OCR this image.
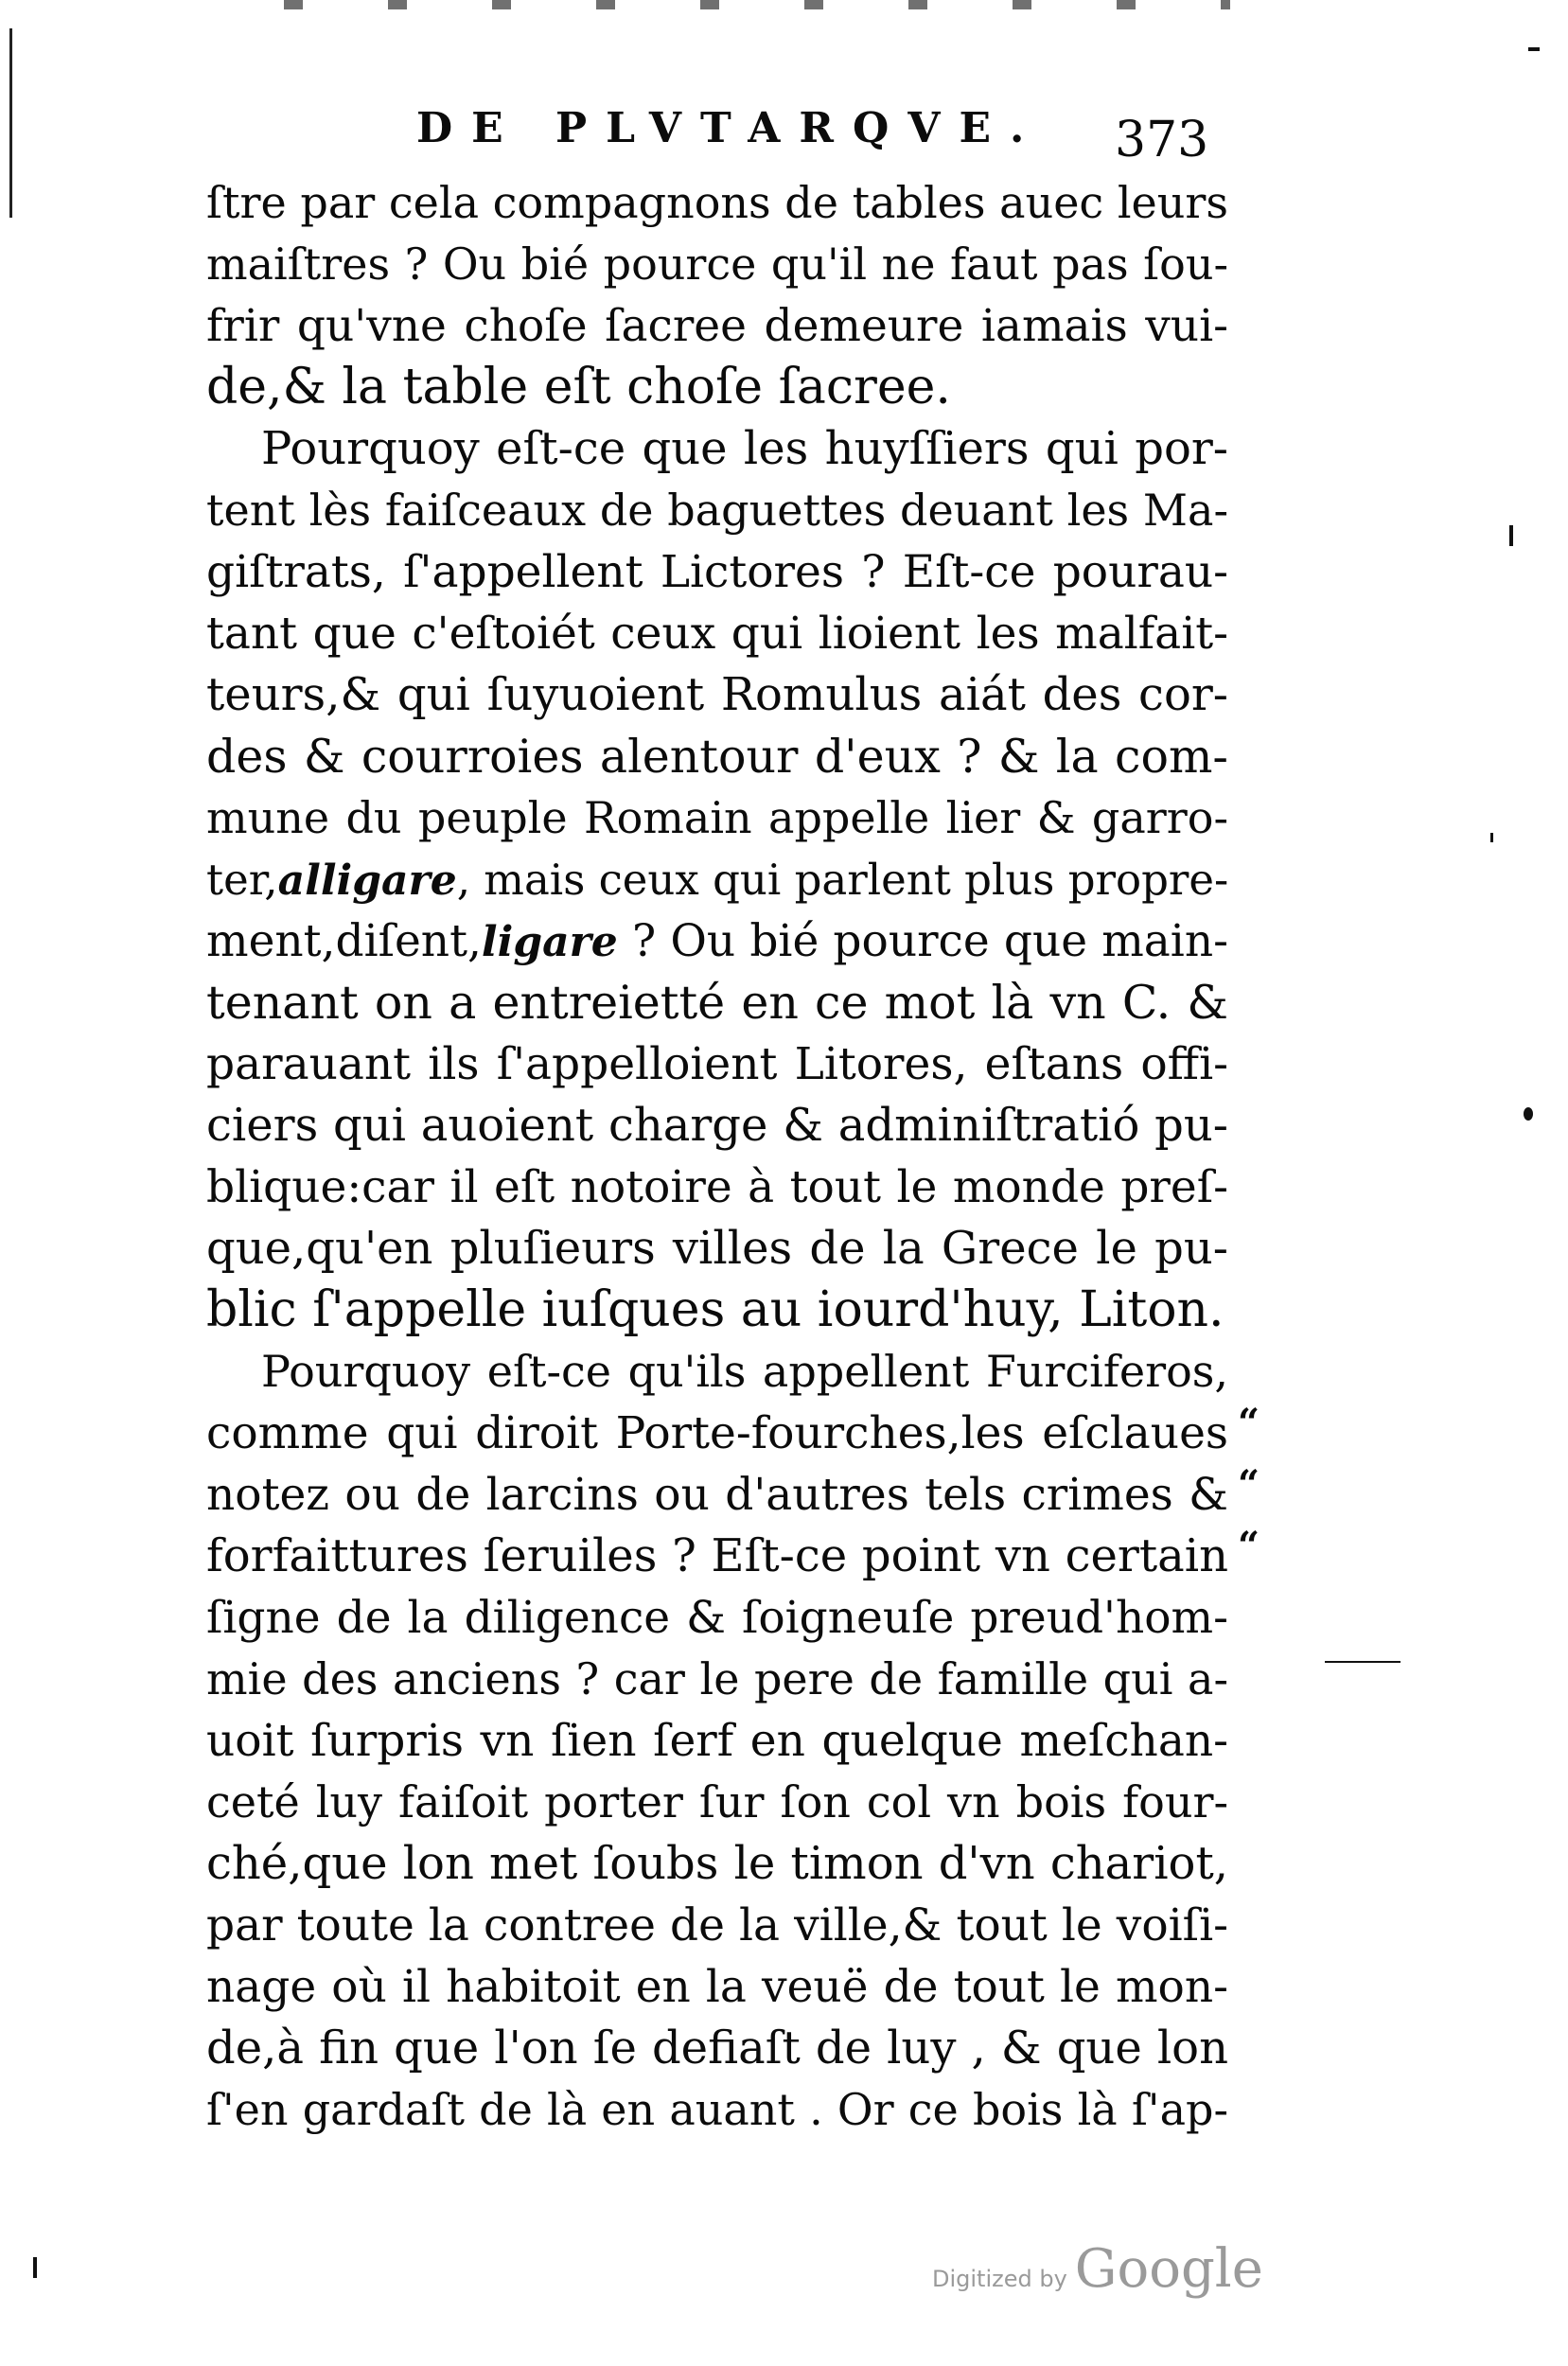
DE PLVTARQVE. 373
ſtre par cela compagnons de tables auec leurs
maiſtres ? Ou bié pource qu'il ne faut pas ſou-
frir qu'vne choſe ſacree demeure iamais vui-
de,& la table eſt choſe ſacree.
Pourquoy eſt-ce que les huyſſiers qui por-
tent lès faiſceaux de baguettes deuant les Ma-
giſtrats, ſ'appellent Lictores ? Eſt-ce pourau-
tant que c'eſtoiét ceux qui lioient les malfait-
teurs,& qui ſuyuoient Romulus aiát des cor-
des & courroies alentour d'eux ? & la com-
mune du peuple Romain appelle lier & garro-
ter,alligare, mais ceux qui parlent plus propre-
ment,diſent,ligare ? Ou bié pource que main-
tenant on a entreietté en ce mot là vn C. &
parauant ils ſ'appelloient Litores, eſtans offi-
ciers qui auoient charge & adminiſtratió pu-
blique:car il eſt notoire à tout le monde preſ-
que,qu'en pluſieurs villes de la Grece le pu-
blic ſ'appelle iuſques au iourd'huy, Liton.
Pourquoy eſt-ce qu'ils appellent Furciferos,
comme qui diroit Porte-fourches,les eſclaues
notez ou de larcins ou d'autres tels crimes &
forfaittures ſeruiles ? Eſt-ce point vn certain
ſigne de la diligence & ſoigneuſe preud'hom-
mie des anciens ? car le pere de famille qui a-
uoit ſurpris vn ſien ſerf en quelque meſchan-
ceté luy faiſoit porter ſur ſon col vn bois four-
ché,que lon met ſoubs le timon d'vn chariot,
par toute la contree de la ville,& tout le voiſi-
nage où il habitoit en la veuë de tout le mon-
de,à fin que l'on ſe defiaſt de luy , & que lon
ſ'en gardaſt de là en auant . Or ce bois là ſ'ap-
“
“
“
Digitized by Google
